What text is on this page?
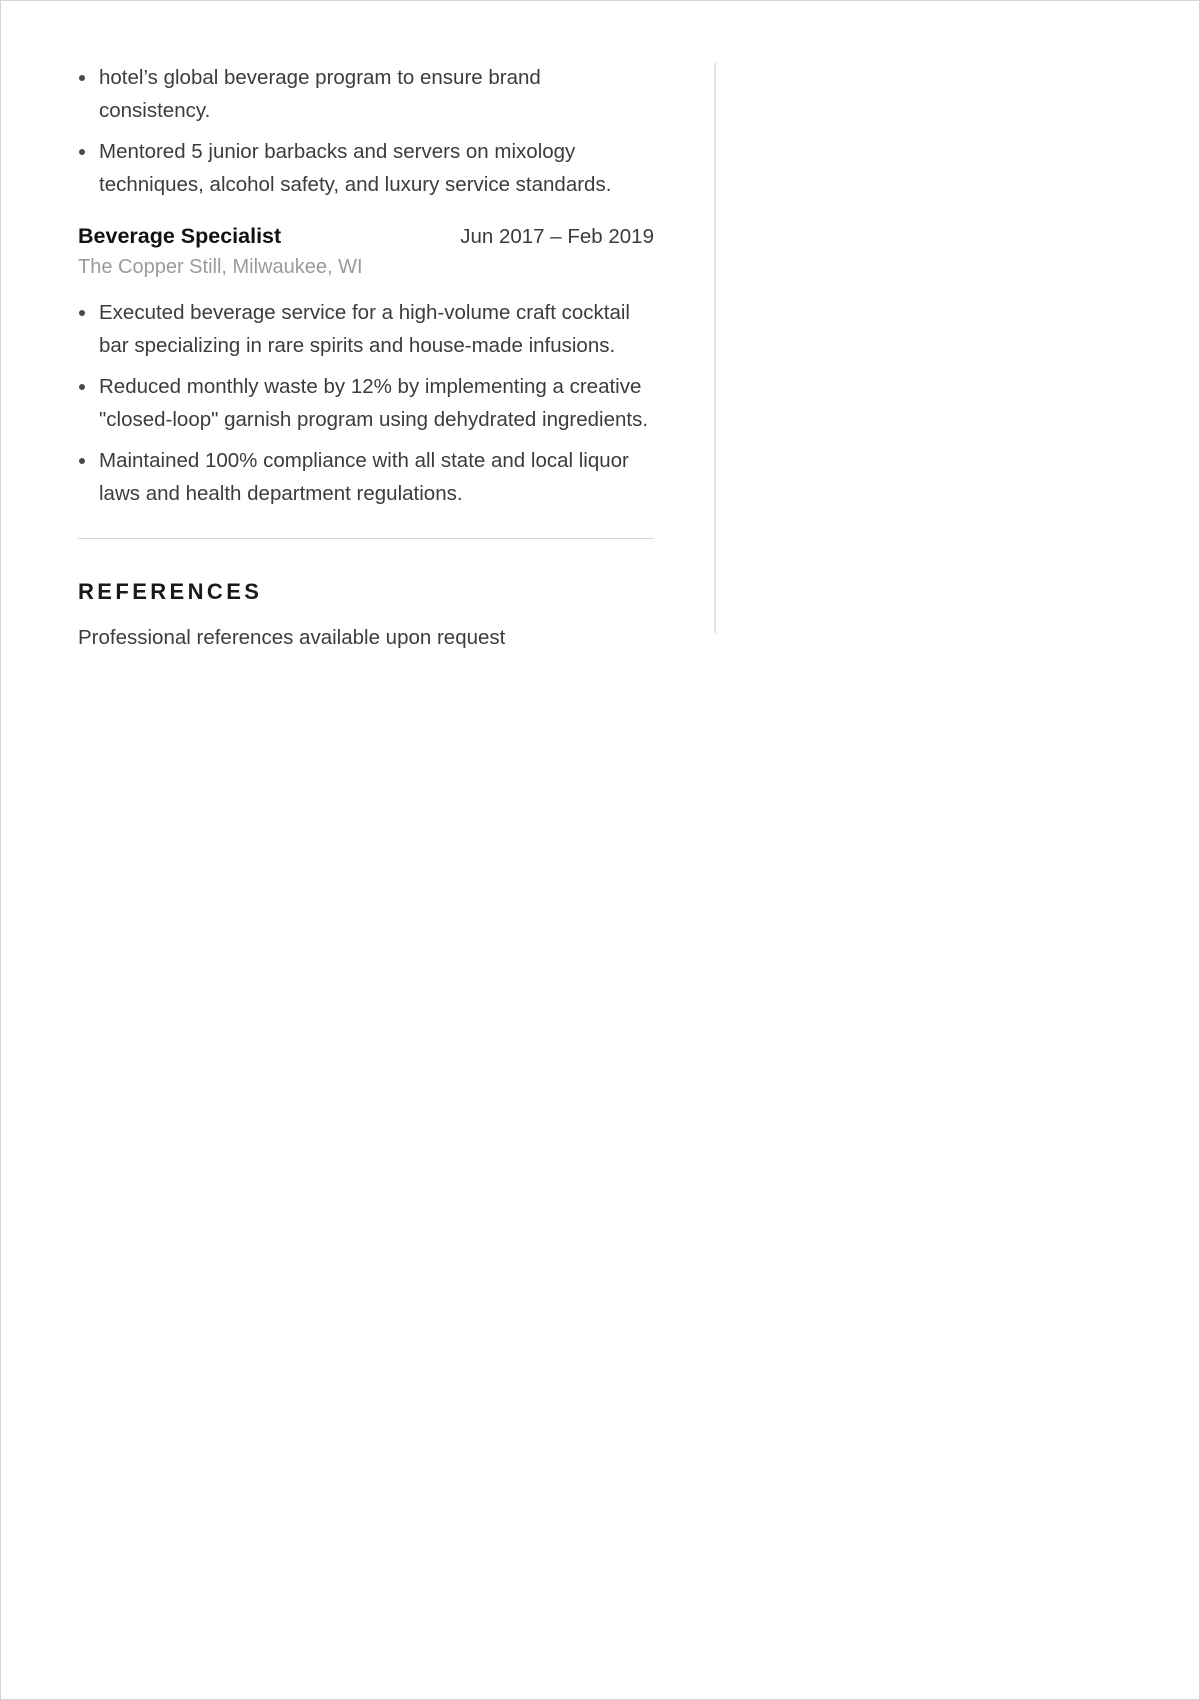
hotel’s global beverage program to ensure brand consistency.
Mentored 5 junior barbacks and servers on mixology techniques, alcohol safety, and luxury service standards.
Beverage Specialist	Jun 2017 – Feb 2019
The Copper Still, Milwaukee, WI
Executed beverage service for a high-volume craft cocktail bar specializing in rare spirits and house-made infusions.
Reduced monthly waste by 12% by implementing a creative "closed-loop" garnish program using dehydrated ingredients.
Maintained 100% compliance with all state and local liquor laws and health department regulations.
REFERENCES
Professional references available upon request
